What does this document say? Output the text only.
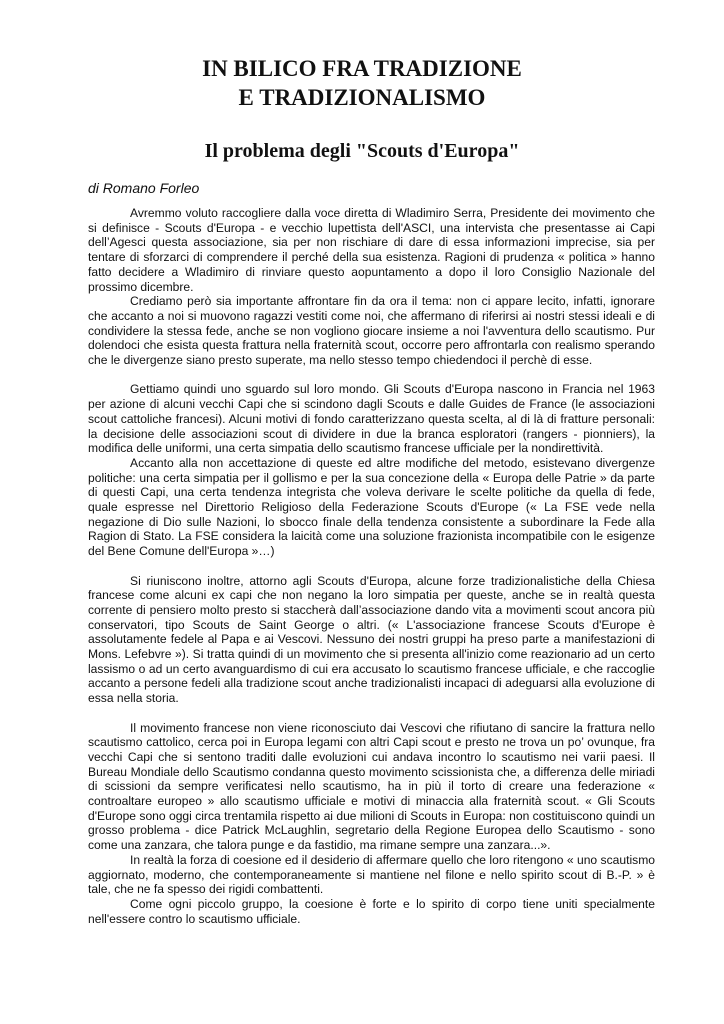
IN BILICO FRA TRADIZIONE
E TRADIZIONALISMO
Il problema degli "Scouts d'Europa"

di Romano Forleo

Avremmo voluto raccogliere dalla voce diretta di Wladimiro Serra, Presidente dei movimento che si definisce - Scouts d'Europa - e vecchio lupettista dell'ASCI, una intervista che presentasse ai Capi dell’Agesci questa associazione, sia per non rischiare di dare di essa informazioni imprecise, sia per tentare di sforzarci di comprendere il perché della sua esistenza. Ragioni di prudenza « politica » hanno fatto decidere a Wladimiro di rinviare questo aopuntamento a dopo il loro Consiglio Nazionale del prossimo dicembre.

Crediamo però sia importante affrontare fin da ora il tema: non ci appare lecito, infatti, ignorare che accanto a noi si muovono ragazzi vestiti come noi, che affermano di riferirsi ai nostri stessi ideali e di condividere la stessa fede, anche se non vogliono giocare insieme a noi l'avventura dello scautismo. Pur dolendoci che esista questa frattura nella fraternità scout, occorre pero affrontarla con realismo sperando che le divergenze siano presto superate, ma nello stesso tempo chiedendoci il perchè di esse.

Gettiamo quindi uno sguardo sul loro mondo. Gli Scouts d'Europa nascono in Francia nel 1963 per azione di alcuni vecchi Capi che si scindono dagli Scouts e dalle Guides de France (le associazioni scout cattoliche francesi). Alcuni motivi di fondo caratterizzano questa scelta, al di là di fratture personali: la decisione delle associazioni scout di dividere in due la branca esploratori (rangers - pionniers), la modifica delle uniformi, una certa simpatia dello scautismo francese ufficiale per la nondirettività.

Accanto alla non accettazione di queste ed altre modifiche del metodo, esistevano divergenze politiche: una certa simpatia per il gollismo e per la sua concezione della « Europa delle Patrie » da parte di questi Capi, una certa tendenza integrista che voleva derivare le scelte politiche da quella di fede, quale espresse nel Direttorio Religioso della Federazione Scouts d'Europe (« La FSE vede nella negazione di Dio sulle Nazioni, lo sbocco finale della tendenza consistente a subordinare la Fede alla Ragion di Stato. La FSE considera la laicità come una soluzione frazionista incompatibile con le esigenze del Bene Comune dell'Europa »…)

Si riuniscono inoltre, attorno agli Scouts d'Europa, alcune forze tradizionalistiche della Chiesa francese come alcuni ex capi che non negano la loro simpatia per queste, anche se in realtà questa corrente di pensiero molto presto si staccherà dall’associazione dando vita a movimenti scout ancora più conservatori, tipo Scouts de Saint George o altri. (« L'associazione francese Scouts d'Europe è assolutamente fedele al Papa e ai Vescovi. Nessuno dei nostri gruppi ha preso parte a manifestazioni di Mons. Lefebvre »). Si tratta quindi di un movimento che si presenta all'inizio come reazionario ad un certo lassismo o ad un certo avanguardismo di cui era accusato lo scautismo francese ufficiale, e che raccoglie accanto a persone fedeli alla tradizione scout anche tradizionalisti incapaci di adeguarsi alla evoluzione di essa nella storia.

Il movimento francese non viene riconosciuto dai Vescovi che rifiutano di sancire la frattura nello scautismo cattolico, cerca poi in Europa legami con altri Capi scout e presto ne trova un po’ ovunque, fra vecchi Capi che si sentono traditi dalle evoluzioni cui andava incontro lo scautismo nei varii paesi. Il Bureau Mondiale dello Scautismo condanna questo movimento scissionista che, a differenza delle miriadi di scissioni da sempre verificatesi nello scautismo, ha in più il torto di creare una federazione « controaltare europeo » allo scautismo ufficiale e motivi di minaccia alla fraternità scout. « Gli Scouts d'Europe sono oggi circa trentamila rispetto ai due milioni di Scouts in Europa: non costituiscono quindi un grosso problema - dice Patrick McLaughlin, segretario della Regione Europea dello Scautismo - sono come una zanzara, che talora punge e da fastidio, ma rimane sempre una zanzara...».

In realtà la forza di coesione ed il desiderio di affermare quello che loro ritengono « uno scautismo aggiornato, moderno, che contemporaneamente si mantiene nel filone e nello spirito scout di B.-P. » è tale, che ne fa spesso dei rigidi combattenti.

Come ogni piccolo gruppo, la coesione è forte e lo spirito di corpo tiene uniti specialmente nell'essere contro lo scautismo ufficiale.
